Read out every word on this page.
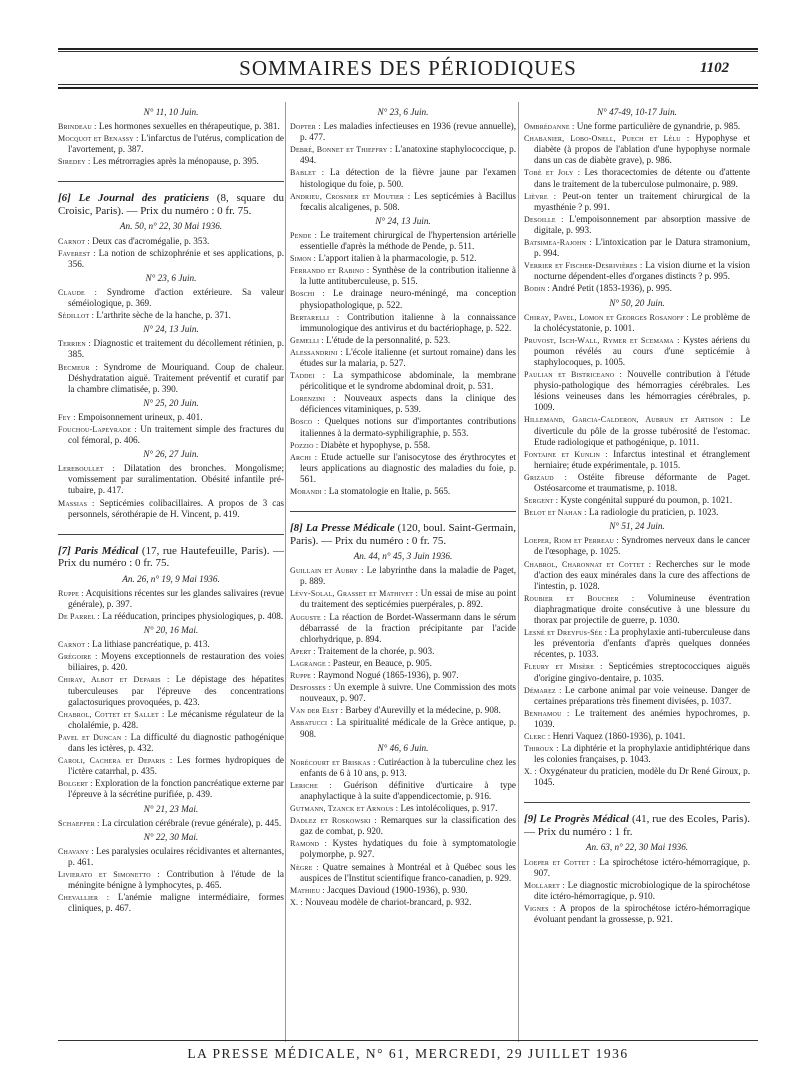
SOMMAIRES DES PÉRIODIQUES	1102
N° 11, 10 Juin.
Brindeau : Les hormones sexuelles en thérapeutique, p. 381.
Mocquot et Benassy : L'infarctus de l'utérus, complication de l'avortement, p. 387.
Siredey : Les métrorragies après la ménopause, p. 395.
[6] Le Journal des praticiens (8, square du Croisic, Paris). — Prix du numéro : 0 fr. 75.
An. 50, n° 22, 30 Mai 1936.
Carnot : Deux cas d'acromégalie, p. 353.
Faverest : La notion de schizophrénie et ses applications, p. 356.
N° 23, 6 Juin.
Claude : Syndrome d'action extérieure. Sa valeur séméiologique, p. 369.
Sédillot : L'arthrite sèche de la hanche, p. 371.
N° 24, 13 Juin.
Terrien : Diagnostic et traitement du décollement rétinien, p. 385.
Becmeur : Syndrome de Mouriquand. Coup de chaleur. Déshydratation aiguë. Traitement préventif et curatif par la chambre climatisée, p. 390.
N° 25, 20 Juin.
Fey : Empoisonnement urineux, p. 401.
Fouchou-Lapeyrade : Un traitement simple des fractures du col fémoral, p. 406.
N° 26, 27 Juin.
Lereboullet : Dilatation des bronches. Mongolisme; vomissement par suralimentation. Obésité infantile pré-tubaire, p. 417.
Massias : Septicémies colibacillaires. A propos de 3 cas personnels, sérothérapie de H. Vincent, p. 419.
[7] Paris Médical (17, rue Hautefeuille, Paris). — Prix du numéro : 0 fr. 75.
An. 26, n° 19, 9 Mai 1936.
Ruppe : Acquisitions récentes sur les glandes salivaires (revue générale), p. 397.
De Parrel : La rééducation, principes physiologiques, p. 408.
N° 20, 16 Mai.
Carnot : La lithiase pancréatique, p. 413.
Grégoire : Moyens exceptionnels de restauration des voies biliaires, p. 420.
Chiray, Albot et Deparis : Le dépistage des hépatites tuberculeuses par l'épreuve des concentrations galactosuriques provoquées, p. 423.
Chabrol, Cottet et Sallet : Le mécanisme régulateur de la cholalémie, p. 428.
Pavel et Duncan : La difficulté du diagnostic pathogénique dans les ictères, p. 432.
Caroli, Cachera et Deparis : Les formes hydropiques de l'ictère catarrhal, p. 435.
Bolgert : Exploration de la fonction pancréatique externe par l'épreuve à la sécrétine purifiée, p. 439.
N° 21, 23 Mai.
Schaeffer : La circulation cérébrale (revue générale), p. 445.
N° 22, 30 Mai.
Chavany : Les paralysies oculaires récidivantes et alternantes, p. 461.
Livierato et Simonetto : Contribution à l'étude de la méningite bénigne à lymphocytes, p. 465.
Chevallier : L'anémie maligne intermédiaire, formes cliniques, p. 467.
N° 23, 6 Juin.
Dopter : Les maladies infectieuses en 1936 (revue annuelle), p. 477.
Debré, Bonnet et Thieffry : L'anatoxine staphylococcique, p. 494.
Bablet : La détection de la fièvre jaune par l'examen histologique du foie, p. 500.
Andrieu, Crosnier et Moutier : Les septicémies à Bacillus fœcalis alcaligenes, p. 508.
N° 24, 13 Juin.
Pende : Le traitement chirurgical de l'hypertension artérielle essentielle d'après la méthode de Pende, p. 511.
Simon : L'apport italien à la pharmacologie, p. 512.
Ferrando et Rabino : Synthèse de la contribution italienne à la lutte antituberculeuse, p. 515.
Boschi : Le drainage neuro-méningé, ma conception physiopathologique, p. 522.
Bertarelli : Contribution italienne à la connaissance immunologique des antivirus et du bactériophage, p. 522.
Gemelli : L'étude de la personnalité, p. 523.
Alessandrini : L'école italienne (et surtout romaine) dans les études sur la malaria, p. 527.
Taddei : La sympathicose abdominale, la membrane péricolitique et le syndrome abdominal droit, p. 531.
Lorenzini : Nouveaux aspects dans la clinique des déficiences vitaminiques, p. 539.
Bosco : Quelques notions sur d'importantes contributions italiennes à la dermato-syphiligraphie, p. 553.
Pozzio : Diabète et hypophyse, p. 558.
Archi : Etude actuelle sur l'anisocytose des érythrocytes et leurs applications au diagnostic des maladies du foie, p. 561.
Morandi : La stomatologie en Italie, p. 565.
[8] La Presse Médicale (120, boul. Saint-Germain, Paris). — Prix du numéro : 0 fr. 75.
An. 44, n° 45, 3 Juin 1936.
Guillain et Aubry : Le labyrinthe dans la maladie de Paget, p. 889.
Lévy-Solal, Grasset et Mathivet : Un essai de mise au point du traitement des septicémies puerpérales, p. 892.
Auguste : La réaction de Bordet-Wassermann dans le sérum débarrassé de la fraction précipitante par l'acide chlorhydrique, p. 894.
Apert : Traitement de la chorée, p. 903.
Lagrange : Pasteur, en Beauce, p. 905.
Ruppe : Raymond Nogué (1865-1936), p. 907.
Desfosses : Un exemple à suivre. Une Commission des mots nouveaux, p. 907.
Van der Elst : Barbey d'Aurevilly et la médecine, p. 908.
Abbatucci : La spiritualité médicale de la Grèce antique, p. 908.
N° 46, 6 Juin.
Norécourt et Briskas : Cutiréaction à la tuberculine chez les enfants de 6 à 10 ans, p. 913.
Leriche : Guérison définitive d'urticaire à type anaphylactique à la suite d'appendicectomie, p. 916.
Gutmann, Tzanck et Arnous : Les intolécoliques, p. 917.
Dadlez et Roskowski : Remarques sur la classification des gaz de combat, p. 920.
Ramond : Kystes hydatiques du foie à symptomatologie polymorphe, p. 927.
Nègre : Quatre semaines à Montréal et à Québec sous les auspices de l'Institut scientifique franco-canadien, p. 929.
Mathieu : Jacques Davioud (1900-1936), p. 930.
X. : Nouveau modèle de chariot-brancard, p. 932.
N° 47-49, 10-17 Juin.
Ombrédanne : Une forme particulière de gynandrie, p. 985.
Chabanier, Lobo-Onell, Puech et Lélu : Hypophyse et diabète (à propos de l'ablation d'une hypophyse normale dans un cas de diabète grave), p. 986.
Tobé et Joly : Les thoracectomies de détente ou d'attente dans le traitement de la tuberculose pulmonaire, p. 989.
Lièvre : Peut-on tenter un traitement chirurgical de la myasthénie ? p. 991.
Desoille : L'empoisonnement par absorption massive de digitale, p. 993.
Batsimea-Rajohn : L'intoxication par le Datura stramonium, p. 994.
Verrier et Fischer-Desrivières : La vision diurne et la vision nocturne dépendent-elles d'organes distincts ? p. 995.
Bodin : André Petit (1853-1936), p. 995.
N° 50, 20 Juin.
Chiray, Pavel, Lomon et Georges Rosanoff : Le problème de la cholécystatonie, p. 1001.
Pruvost, Isch-Wall, Rymer et Scemama : Kystes aériens du poumon révélés au cours d'une septicémie à staphylocoques, p. 1005.
Paulian et Bistriceano : Nouvelle contribution à l'étude physio-pathologique des hémorragies cérébrales. Les lésions veineuses dans les hémorragies cérébrales, p. 1009.
Hillemand, Garcia-Calderon, Aubrun et Artison : Le diverticule du pôle de la grosse tubérosité de l'estomac. Etude radiologique et pathogénique, p. 1011.
Fontaine et Kunlin : Infarctus intestinal et étranglement herniaire; étude expérimentale, p. 1015.
Grizaud : Ostéite fibreuse déformante de Paget. Ostéosarcome et traumatisme, p. 1018.
Sergent : Kyste congénital suppuré du poumon, p. 1021.
Belot et Nahan : La radiologie du praticien, p. 1023.
N° 51, 24 Juin.
Loeper, Riom et Perreau : Syndromes nerveux dans le cancer de l'œsophage, p. 1025.
Chabrol, Charonnat et Cottet : Recherches sur le mode d'action des eaux minérales dans la cure des affections de l'intestin, p. 1028.
Roubier et Boucher : Volumineuse éventration diaphragmatique droite consécutive à une blessure du thorax par projectile de guerre, p. 1030.
Lesné et Dreyfus-Sée : La prophylaxie anti-tuberculeuse dans les préventoria d'enfants d'après quelques données récentes, p. 1033.
Fleury et Misère : Septicémies streptococciques aiguës d'origine gingivo-dentaire, p. 1035.
Démarez : Le carbone animal par voie veineuse. Danger de certaines préparations très finement divisées, p. 1037.
Benhamou : Le traitement des anémies hypochromes, p. 1039.
Clerc : Henri Vaquez (1860-1936), p. 1041.
Thiroux : La diphtérie et la prophylaxie antidiphtérique dans les colonies françaises, p. 1043.
X. : Oxygénateur du praticien, modèle du Dr René Giroux, p. 1045.
[9] Le Progrès Médical (41, rue des Ecoles, Paris). — Prix du numéro : 1 fr.
An. 63, n° 22, 30 Mai 1936.
Loeper et Cottet : La spirochétose ictéro-hémorragique, p. 907.
Mollaret : Le diagnostic microbiologique de la spirochétose dite ictéro-hémorragique, p. 910.
Vignes : A propos de la spirochétose ictéro-hémorragique évoluant pendant la grossesse, p. 921.
LA PRESSE MÉDICALE, N° 61, MERCREDI, 29 JUILLET 1936
